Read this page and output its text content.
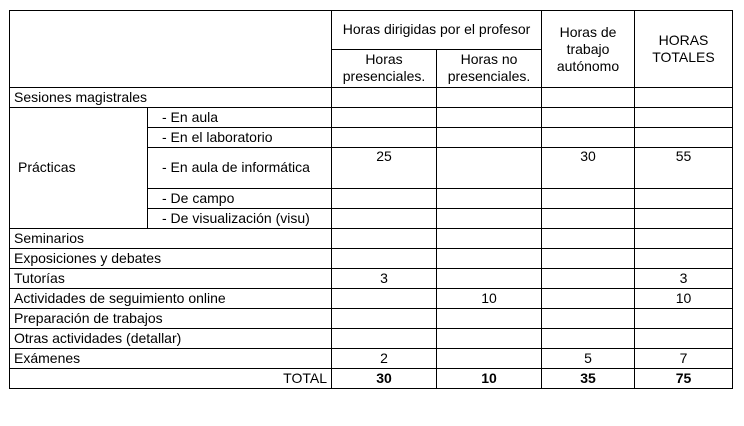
		Horas dirigidas por el profesor		Horas de trabajo autónomo	HORAS TOTALES
		Horas presenciales.	Horas no presenciales.		
Sesiones magistrales					
Prácticas	- En aula				
	- En el laboratorio				
	- En aula de informática	25		30	55

	- De campo				
	- De visualización (visu)				
Seminarios					
Exposiciones y debates					
Tutorías		3			3
Actividades de seguimiento online			10		10
Preparación de trabajos					
Otras actividades (detallar)					
Exámenes		2		5	7
TOTAL		30	10	35	75
